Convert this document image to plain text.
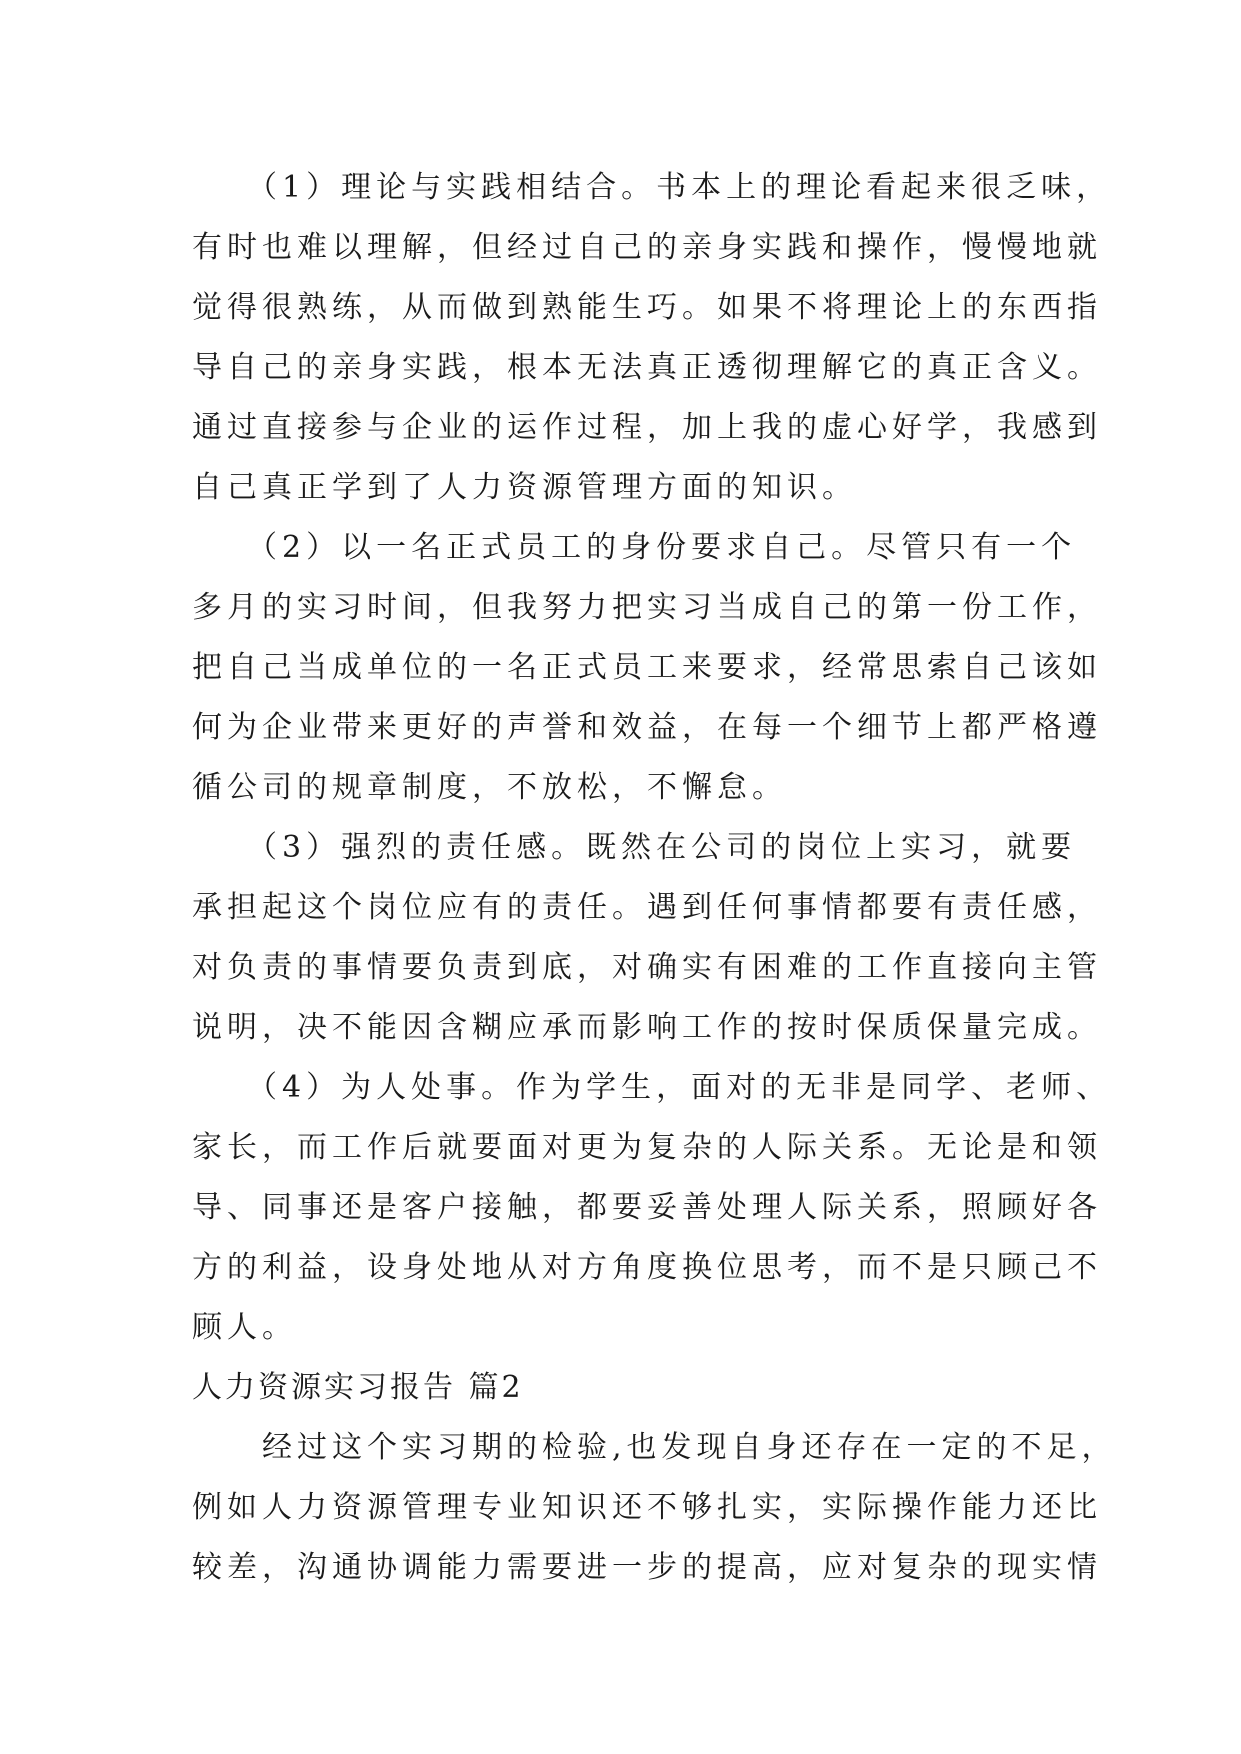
　　（1）理论与实践相结合。书本上的理论看起来很乏味，
有时也难以理解，但经过自己的亲身实践和操作，慢慢地就
觉得很熟练，从而做到熟能生巧。如果不将理论上的东西指
导自己的亲身实践，根本无法真正透彻理解它的真正含义。
通过直接参与企业的运作过程，加上我的虚心好学，我感到
自己真正学到了人力资源管理方面的知识。
　　（2）以一名正式员工的身份要求自己。尽管只有一个
多月的实习时间，但我努力把实习当成自己的第一份工作，
把自己当成单位的一名正式员工来要求，经常思索自己该如
何为企业带来更好的声誉和效益，在每一个细节上都严格遵
循公司的规章制度，不放松，不懈怠。
　　（3）强烈的责任感。既然在公司的岗位上实习，就要
承担起这个岗位应有的责任。遇到任何事情都要有责任感，
对负责的事情要负责到底，对确实有困难的工作直接向主管
说明，决不能因含糊应承而影响工作的按时保质保量完成。
　　（4）为人处事。作为学生，面对的无非是同学、老师、
家长，而工作后就要面对更为复杂的人际关系。无论是和领
导、同事还是客户接触，都要妥善处理人际关系，照顾好各
方的利益，设身处地从对方角度换位思考，而不是只顾己不
顾人。
人力资源实习报告 篇2
　　经过这个实习期的检验,也发现自身还存在一定的不足，
例如人力资源管理专业知识还不够扎实，实际操作能力还比
较差，沟通协调能力需要进一步的提高，应对复杂的现实情
